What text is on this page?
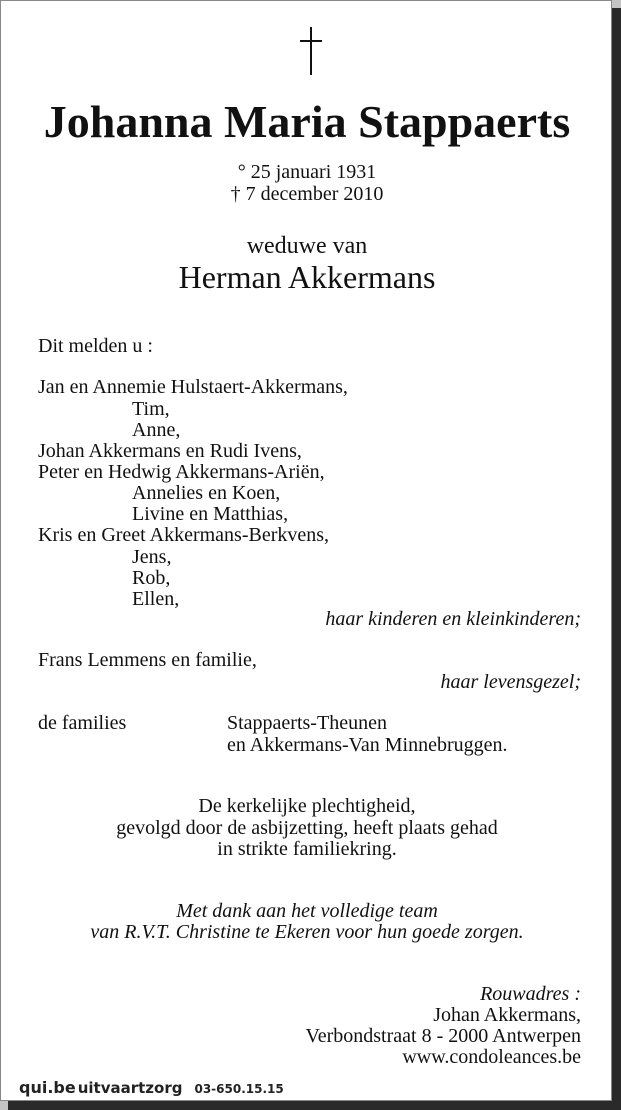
Johanna Maria Stappaerts
° 25 januari 1931
† 7 december 2010
weduwe van
Herman Akkermans
Dit melden u :
Jan en Annemie Hulstaert-Akkermans,
Tim,
Anne,
Johan Akkermans en Rudi Ivens,
Peter en Hedwig Akkermans-Ariën,
Annelies en Koen,
Livine en Matthias,
Kris en Greet Akkermans-Berkvens,
Jens,
Rob,
Ellen,
haar kinderen en kleinkinderen;
Frans Lemmens en familie,
haar levensgezel;
de families	Stappaerts-Theunen
en Akkermans-Van Minnebruggen.
De kerkelijke plechtigheid,
gevolgd door de asbijzetting, heeft plaats gehad
in strikte familiekring.
Met dank aan het volledige team
van R.V.T. Christine te Ekeren voor hun goede zorgen.
Rouwadres :
Johan Akkermans,
Verbondstraat 8 - 2000 Antwerpen
www.condoleances.be
qui.be uitvaartzorg 03-650.15.15
